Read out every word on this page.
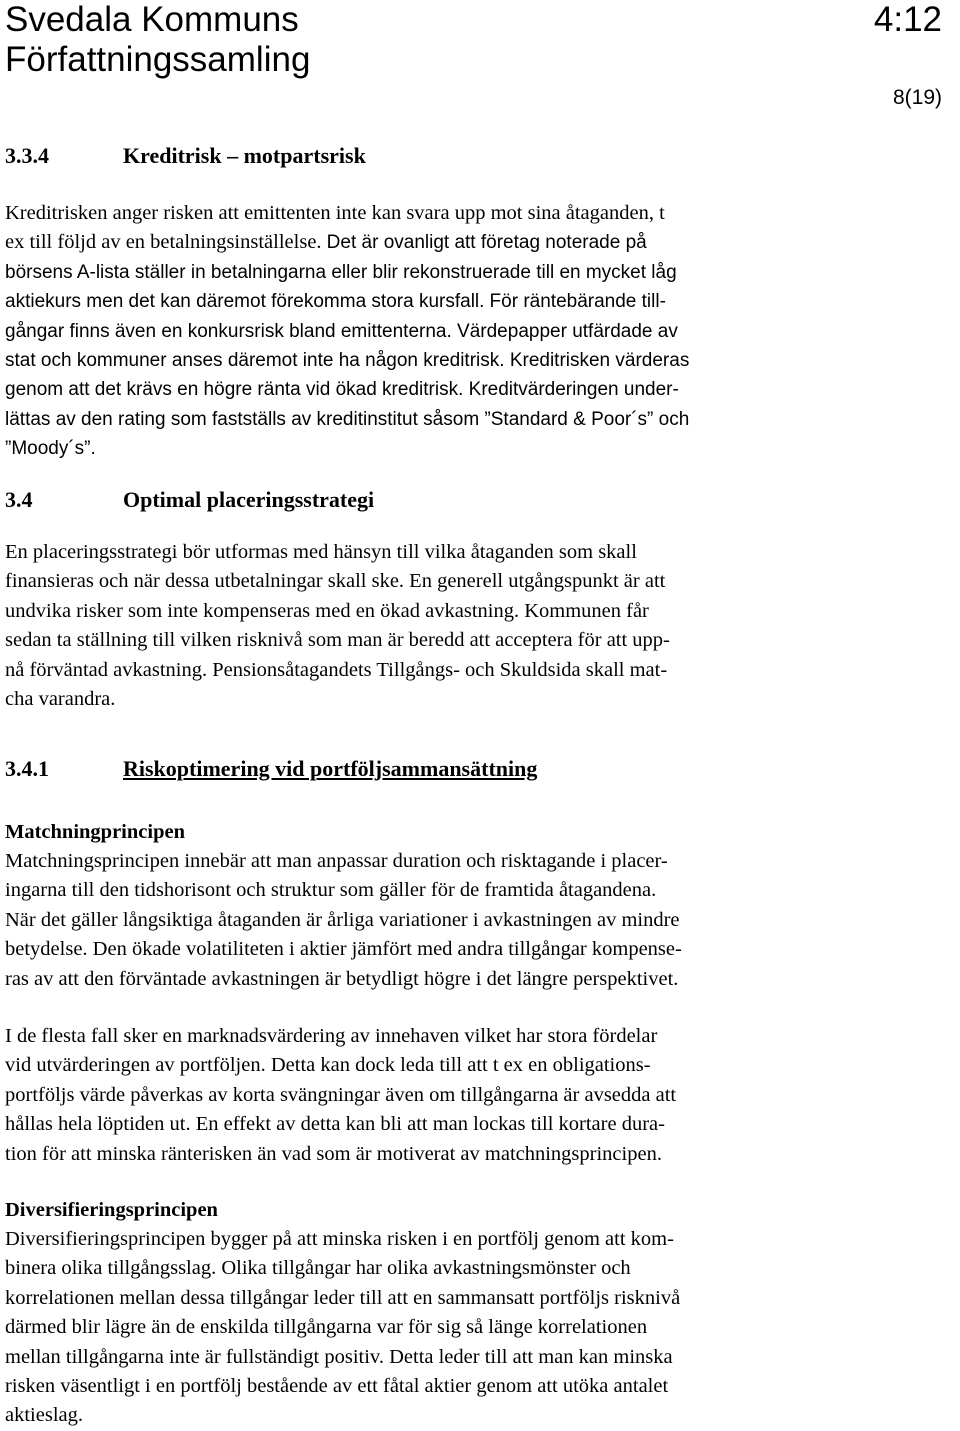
Svedala Kommuns
Författningssamling
4:12
8(19)
3.3.4	Kreditrisk – motpartsrisk
Kreditrisken anger risken att emittenten inte kan svara upp mot sina åtaganden, t
ex till följd av en betalningsinställelse. Det är ovanligt att företag noterade på
börsens A-lista ställer in betalningarna eller blir rekonstruerade till en mycket låg
aktiekurs men det kan däremot förekomma stora kursfall. För räntebärande till-
gångar finns även en konkursrisk bland emittenterna. Värdepapper utfärdade av
stat och kommuner anses däremot inte ha någon kreditrisk. Kreditrisken värderas
genom att det krävs en högre ränta vid ökad kreditrisk. Kreditvärderingen under-
lättas av den rating som fastställs av kreditinstitut såsom ”Standard & Poor´s” och
”Moody´s”.
3.4	Optimal placeringsstrategi
En placeringsstrategi bör utformas med hänsyn till vilka åtaganden som skall
finansieras och när dessa utbetalningar skall ske. En generell utgångspunkt är att
undvika risker som inte kompenseras med en ökad avkastning. Kommunen får
sedan ta ställning till vilken risknivå som man är beredd att acceptera för att upp-
nå förväntad avkastning. Pensionsåtagandets Tillgångs- och Skuldsida skall mat-
cha varandra.
3.4.1	Riskoptimering vid portföljsammansättning
Matchningprincipen
Matchningsprincipen innebär att man anpassar duration och risktagande i placer-
ingarna till den tidshorisont och struktur som gäller för de framtida åtagandena.
När det gäller långsiktiga åtaganden är årliga variationer i avkastningen av mindre
betydelse. Den ökade volatiliteten i aktier jämfört med andra tillgångar kompense-
ras av att den förväntade avkastningen är betydligt högre i det längre perspektivet.
I de flesta fall sker en marknadsvärdering av innehaven vilket har stora fördelar
vid utvärderingen av portföljen. Detta kan dock leda till att t ex en obligations-
portföljs värde påverkas av korta svängningar även om tillgångarna är avsedda att
hållas hela löptiden ut. En effekt av detta kan bli att man lockas till kortare dura-
tion för att minska ränterisken än vad som är motiverat av matchningsprincipen.
Diversifieringsprincipen
Diversifieringsprincipen bygger på att minska risken i en portfölj genom att kom-
binera olika tillgångsslag. Olika tillgångar har olika avkastningsmönster och
korrelationen mellan dessa tillgångar leder till att en sammansatt portföljs risknivå
därmed blir lägre än de enskilda tillgångarna var för sig så länge korrelationen
mellan tillgångarna inte är fullständigt positiv. Detta leder till att man kan minska
risken väsentligt i en portfölj bestående av ett fåtal aktier genom att utöka antalet
aktieslag.
